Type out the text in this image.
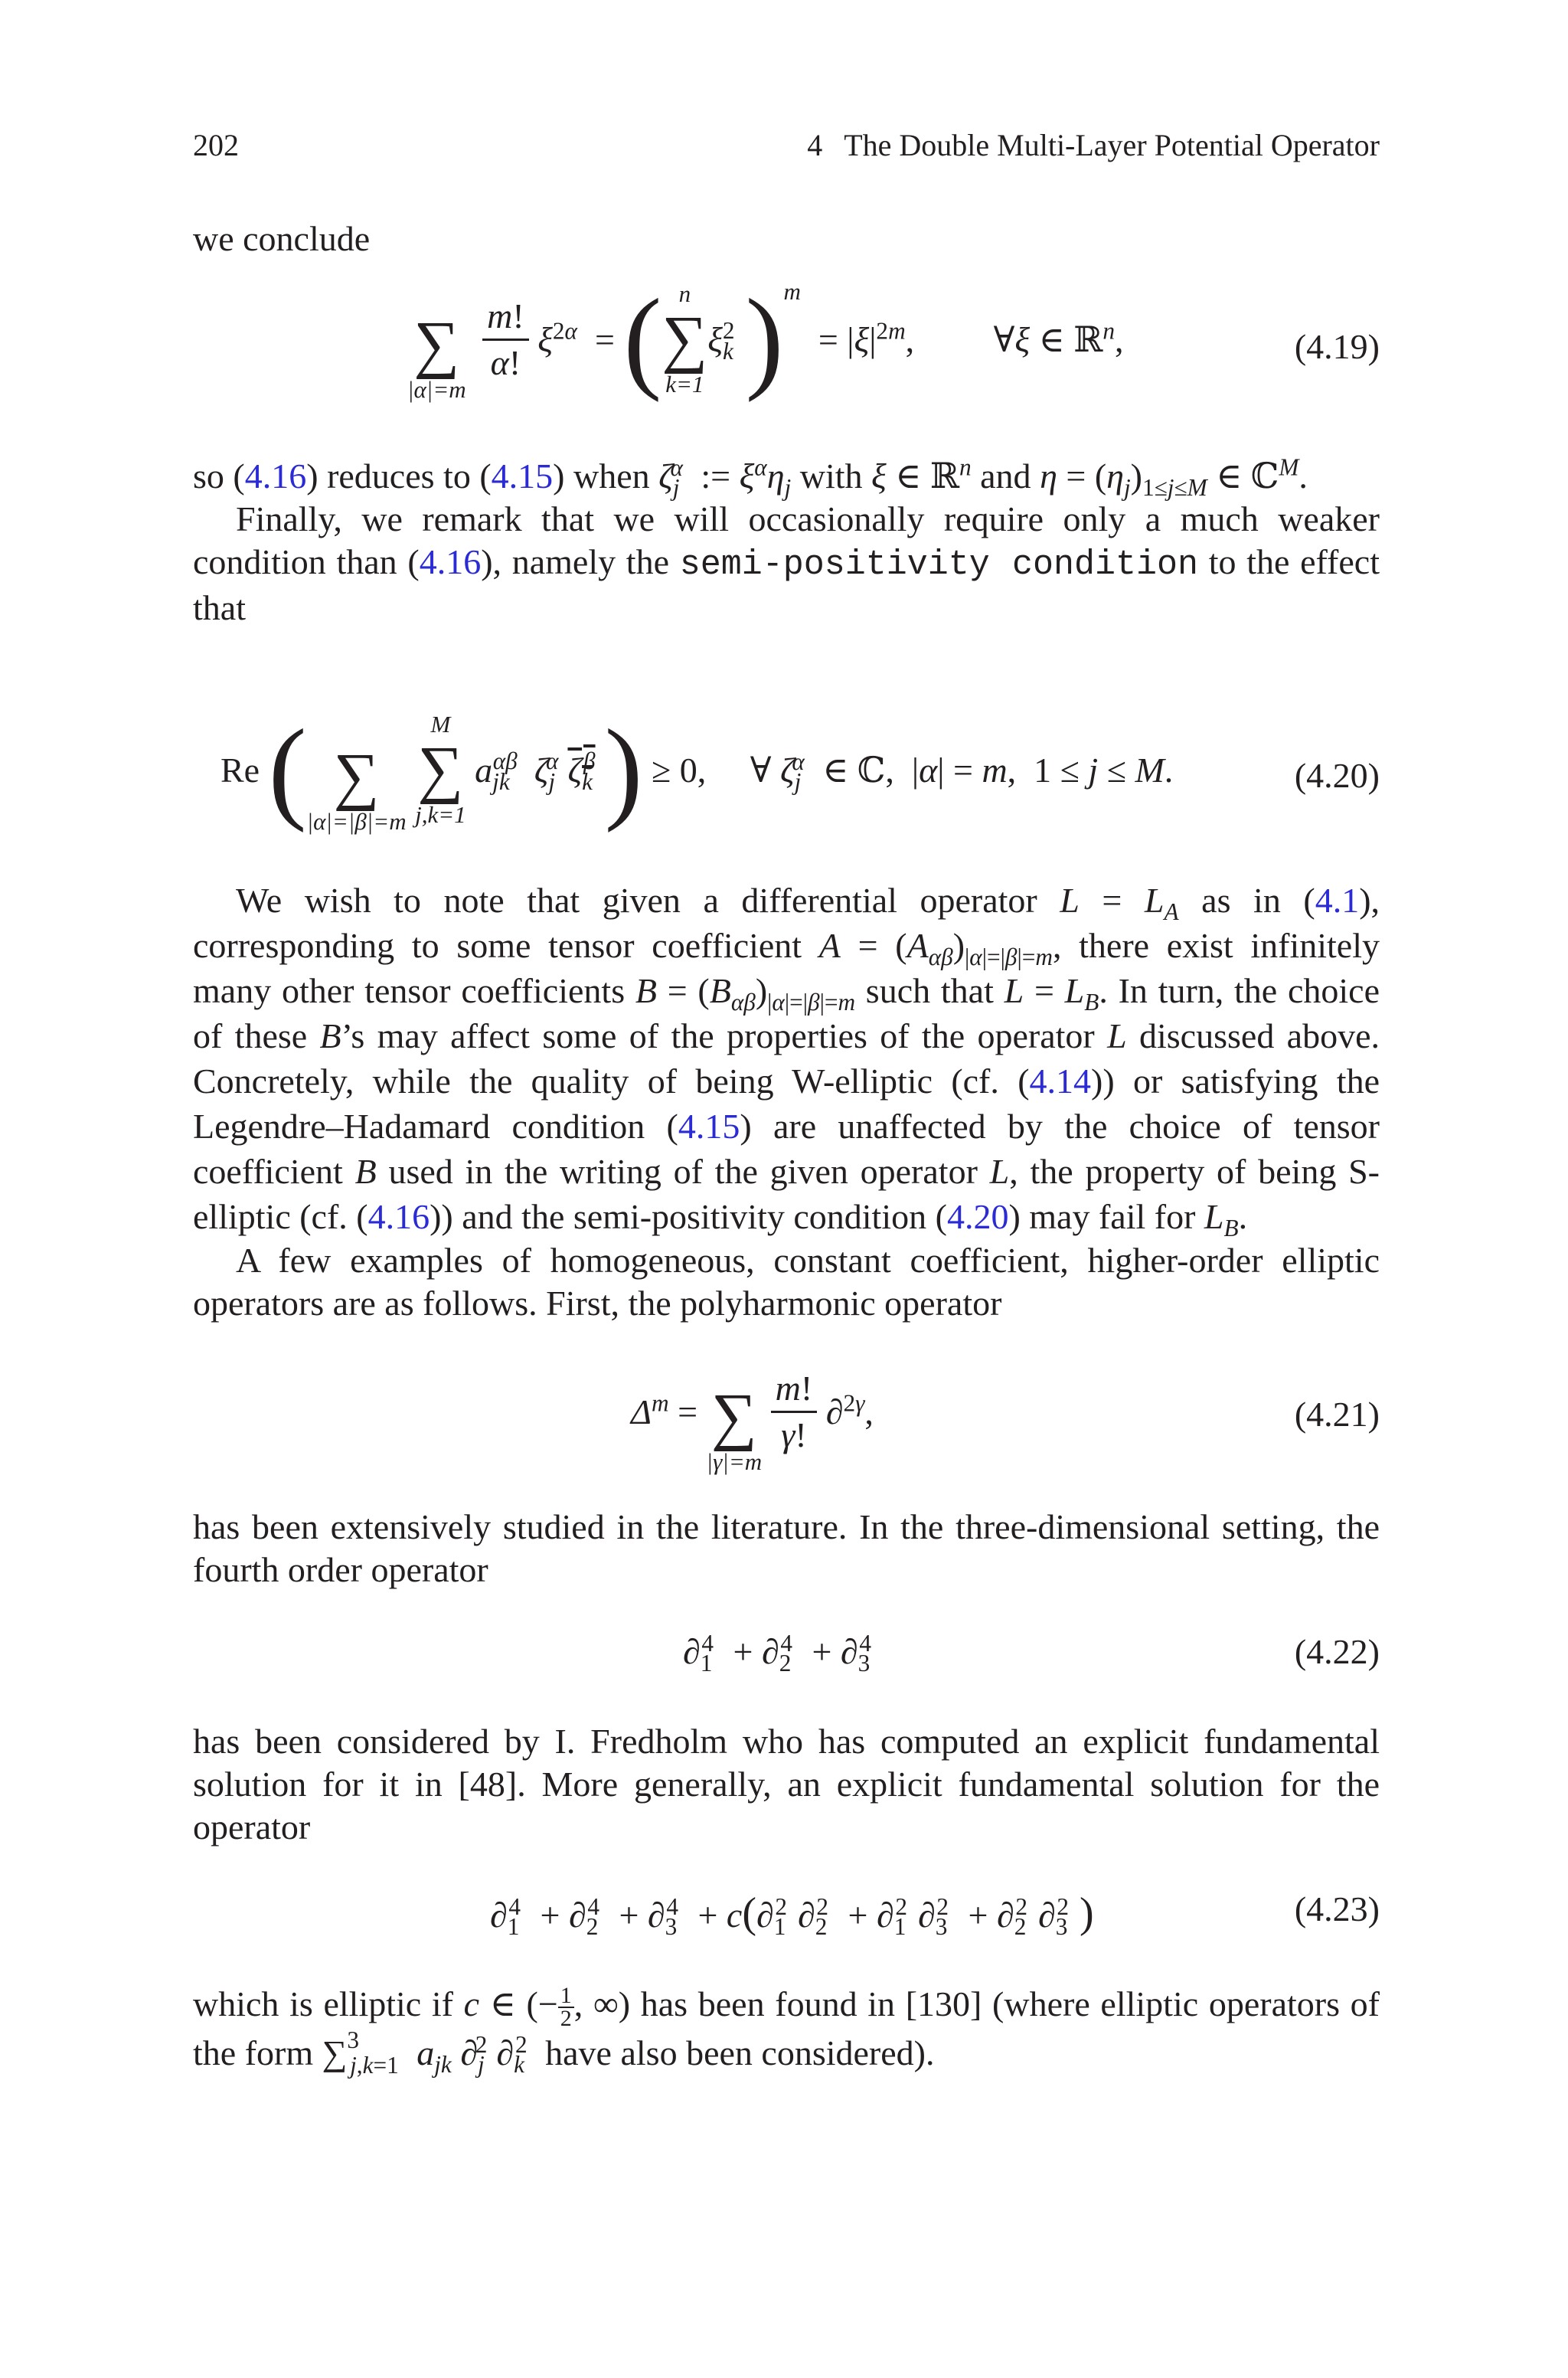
202	4 The Double Multi-Layer Potential Operator

we conclude

∑
|α|=m

$\frac{m!}{\alpha!} \xi^{2\alpha}$  = ( n
∑
k=1
$\xi_k^2)m = |\xi|^{2m}$,         ∀ξ ∈ ℝ$^n$,	(4.19)

so (4.16) reduces to (4.15) when $\zeta_j^\alpha$ := $\xi^\alpha\eta_j$ with ξ ∈ ℝ$^n$ and $\eta = (\eta_j)_{1\le j\le M}$ ∈ ℂ$^M$.

Finally, we remark that we will occasionally require only a much weaker condition than (4.16), namely the semi-positivity condition to the effect that

Re (
∑
|α|=|β|=m

M
∑
j,k=1
$a_{jk}^{\alpha\beta}$ $\zeta_j^\alpha$ $\zeta_k^\beta) \ge 0$,     ∀ $\zeta_j^\alpha$ ∈ ℂ,  |α| = m,  1 ≤ j ≤ M.	(4.20)

We wish to note that given a differential operator $L = L_A$ as in (4.1), corresponding to some tensor coefficient $A = (A_{\alpha\beta})_{|\alpha|=|\beta|=m}$, there exist infinitely many other tensor coefficients $B = (B_{\alpha\beta})_{|\alpha|=|\beta|=m}$ such that $L = L_B$. In turn, the choice of these B’s may affect some of the properties of the operator L discussed above. Concretely, while the quality of being W-elliptic (cf. (4.14)) or satisfying the Legendre–Hadamard condition (4.15) are unaffected by the choice of tensor coefficient B used in the writing of the given operator L, the property of being S-elliptic (cf. (4.16)) and the semi-positivity condition (4.20) may fail for $L_B$.

A few examples of homogeneous, constant coefficient, higher-order elliptic operators are as follows. First, the polyharmonic operator

$\Delta^m$ =

∑
|γ|=m

$\frac{m!}{\gamma!} \partial^{2\gamma}$,	(4.21)

has been extensively studied in the literature. In the three-dimensional setting, the fourth order operator

$\partial_1^4 + \partial_2^4 + \partial_3^4$	(4.22)

has been considered by I. Fredholm who has computed an explicit fundamental solution for it in [48]. More generally, an explicit fundamental solution for the operator

$\partial_1^4 + \partial_2^4 + \partial_3^4 + c(\partial_1^2$ $\partial_2^2 + \partial_1^2$ $\partial_3^2 + \partial_2^2$ $\partial_3^2$ )	(4.23)

which is elliptic if c ∈ (− $\frac{1}{2}$, ∞) has been found in [130] (where elliptic operators of the form ∑$^3_{j,k=1}$ $a_{jk}$ $\partial_j^2$ $\partial_k^2$ have also been considered).
